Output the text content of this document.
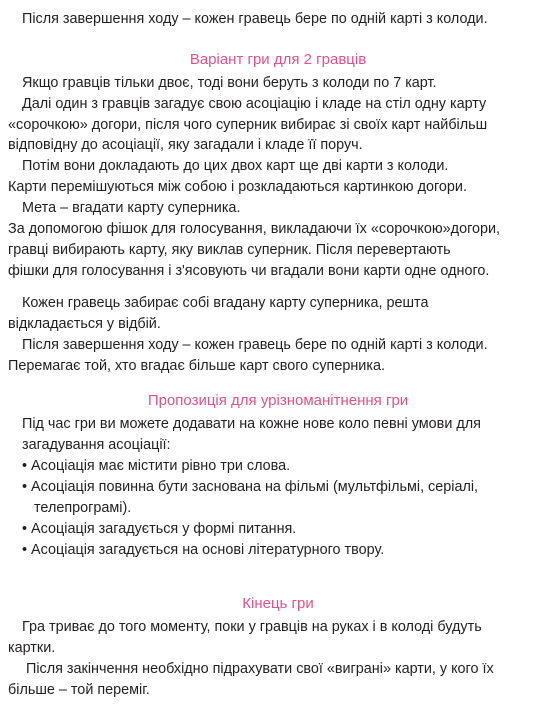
Після завершення ходу – кожен гравець бере по одній карті з колоди.
Варіант гри для 2 гравців
Якщо гравців тільки двоє, тоді вони беруть з колоди по 7 карт.
Далі один з гравців загадує свою асоціацію і кладе на стіл одну карту
«сорочкою» догори, після чого суперник вибирає зі своїх карт найбільш
відповідну до асоціації, яку загадали і кладе її поруч.
Потім вони докладають до цих двох карт ще дві карти з колоди.
Карти перемішуються між собою і розкладаються картинкою догори.
Мета – вгадати карту суперника.
За допомогою фішок для голосування, викладаючи їх «сорочкою»догори,
гравці вибирають карту, яку виклав суперник. Після перевертають
фішки для голосування і з'ясовують чи вгадали вони карти одне одного.
Кожен гравець забирає собі вгадану карту суперника, решта
відкладається у відбій.
Після завершення ходу – кожен гравець бере по одній карті з колоди.
Перемагає той, хто вгадає більше карт свого суперника.
Пропозиція для урізноманітнення гри
Під час гри ви можете додавати на кожне нове коло певні умови для
загадування асоціації:
• Асоціація має містити рівно три слова.
• Асоціація повинна бути заснована на фільмі (мультфільмі, серіалі,
телепрограмі).
• Асоціація загадується у формі питання.
• Асоціація загадується на основі літературного твору.
Кінець гри
Гра триває до того моменту, поки у гравців на руках і в колоді будуть
картки.
Після закінчення необхідно підрахувати свої «виграні» карти, у кого їх
більше – той переміг.
